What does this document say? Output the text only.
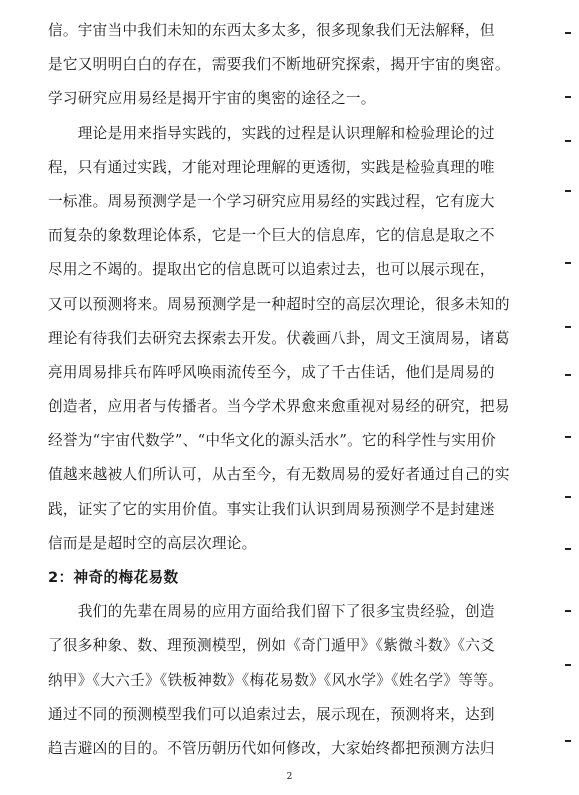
信。宇宙当中我们未知的东西太多太多，很多现象我们无法解释，但
是它又明明白白的存在，需要我们不断地研究探索，揭开宇宙的奥密。
学习研究应用易经是揭开宇宙的奥密的途径之一。
　　理论是用来指导实践的，实践的过程是认识理解和检验理论的过
程，只有通过实践，才能对理论理解的更透彻，实践是检验真理的唯
一标准。周易预测学是一个学习研究应用易经的实践过程，它有庞大
而复杂的象数理论体系，它是一个巨大的信息库，它的信息是取之不
尽用之不竭的。提取出它的信息既可以追索过去，也可以展示现在，
又可以预测将来。周易预测学是一种超时空的高层次理论，很多未知的
理论有待我们去研究去探索去开发。伏羲画八卦，周文王演周易，诸葛
亮用周易排兵布阵呼风唤雨流传至今，成了千古佳话，他们是周易的
创造者，应用者与传播者。当今学术界愈来愈重视对易经的研究，把易
经誉为“宇宙代数学”、“中华文化的源头活水”。它的科学性与实用价
值越来越被人们所认可，从古至今，有无数周易的爱好者通过自己的实
践，证实了它的实用价值。事实让我们认识到周易预测学不是封建迷
信而是是超时空的高层次理论。
2：神奇的梅花易数
　　我们的先辈在周易的应用方面给我们留下了很多宝贵经验，创造
了很多种象、数、理预测模型，例如《奇门遁甲》《紫微斗数》《六爻
纳甲》《大六壬》《铁板神数》《梅花易数》《风水学》《姓名学》等等。
通过不同的预测模型我们可以追索过去，展示现在，预测将来，达到
趋吉避凶的目的。不管历朝历代如何修改，大家始终都把预测方法归
2
